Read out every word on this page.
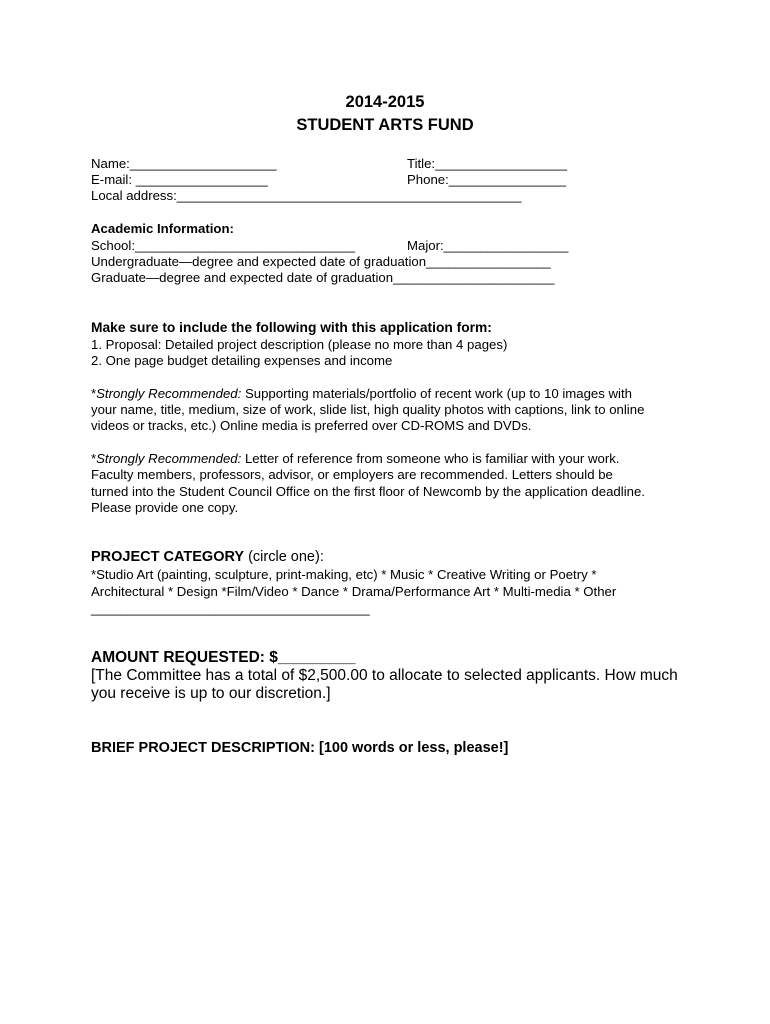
2014-2015
STUDENT ARTS FUND
Name:____________________
E-mail: __________________
Local address:_______________________________________________
Title:__________________
Phone:________________
Academic Information:
School:______________________________	Major:_________________
Undergraduate—degree and expected date of graduation_________________
Graduate—degree and expected date of graduation______________________
Make sure to include the following with this application form:
1. Proposal: Detailed project description (please no more than 4 pages)
2. One page budget detailing expenses and income
*Strongly Recommended: Supporting materials/portfolio of recent work (up to 10 images with
your name, title, medium, size of work, slide list, high quality photos with captions, link to online
videos or tracks, etc.) Online media is preferred over CD-ROMS and DVDs.
*Strongly Recommended: Letter of reference from someone who is familiar with your work.
Faculty members, professors, advisor, or employers are recommended. Letters should be
turned into the Student Council Office on the first floor of Newcomb by the application deadline.
Please provide one copy.
PROJECT CATEGORY (circle one):
*Studio Art (painting, sculpture, print-making, etc) * Music * Creative Writing or Poetry *
Architectural * Design *Film/Video * Dance * Drama/Performance Art * Multi-media * Other
______________________________________
AMOUNT REQUESTED: $_________
[The Committee has a total of $2,500.00 to allocate to selected applicants. How much
you receive is up to our discretion.]
BRIEF PROJECT DESCRIPTION: [100 words or less, please!]
